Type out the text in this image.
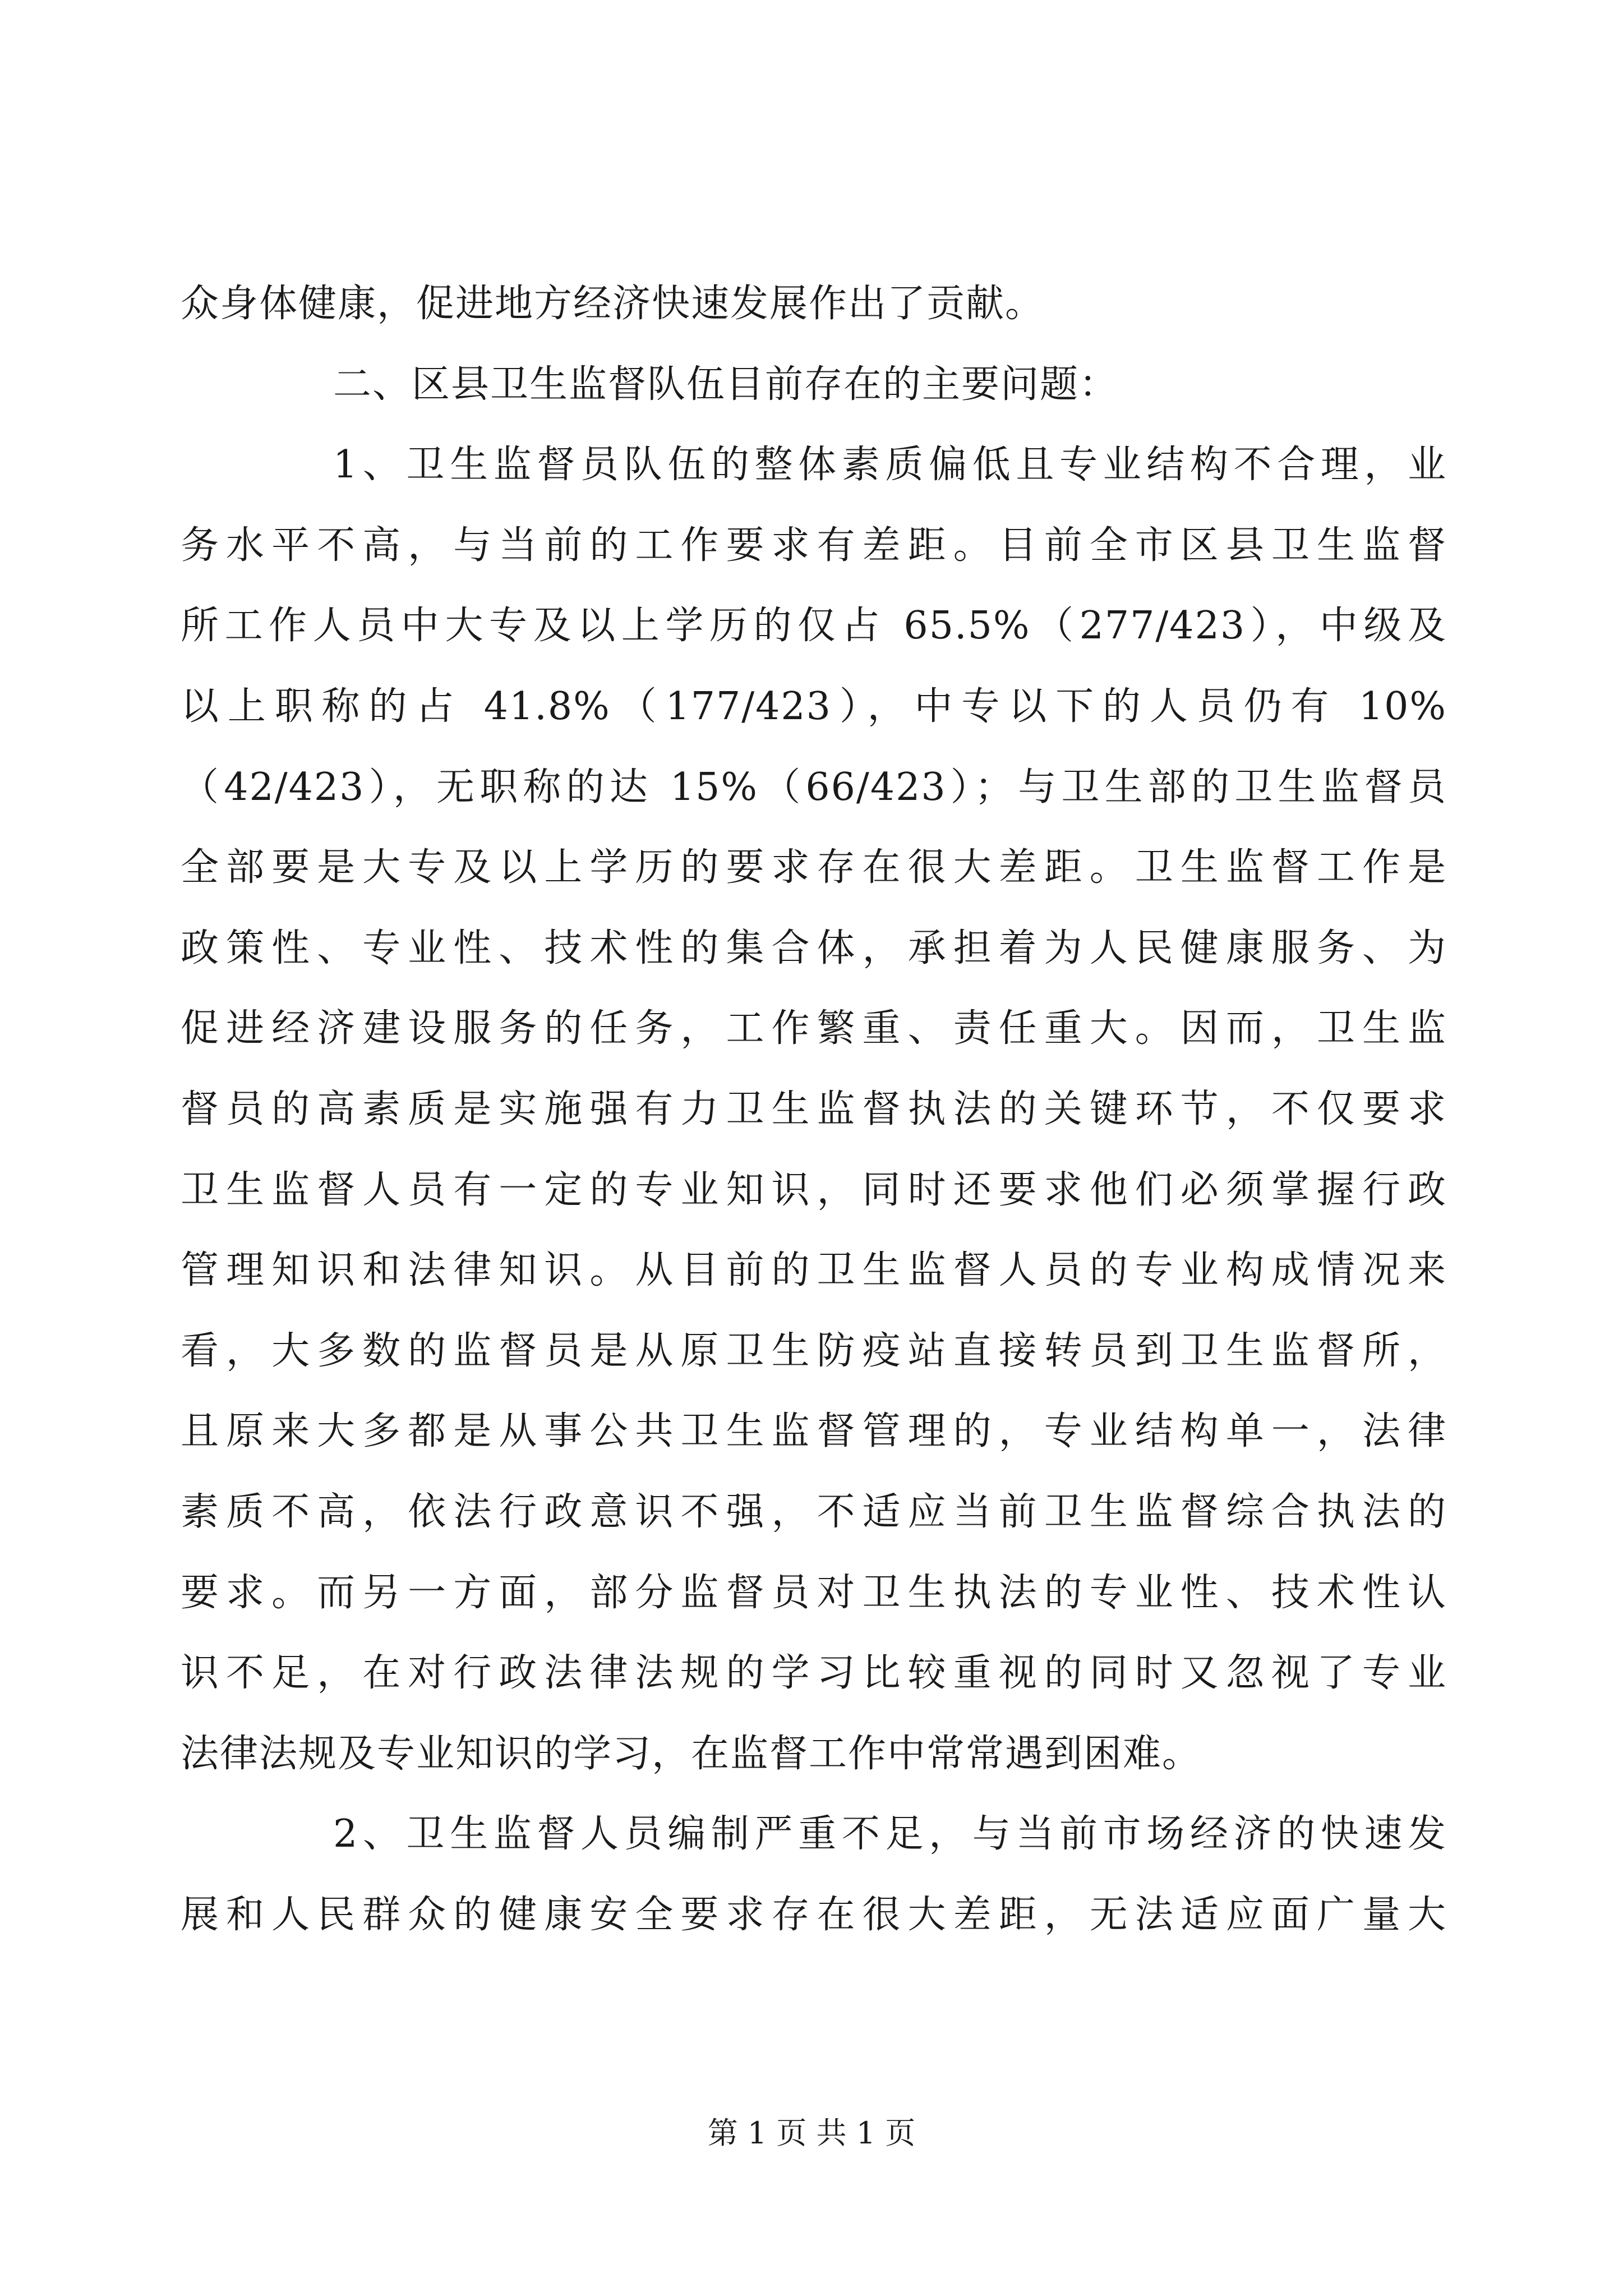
众身体健康，促进地方经济快速发展作出了贡献。
二、区县卫生监督队伍目前存在的主要问题：
1、卫生监督员队伍的整体素质偏低且专业结构不合理，业
务水平不高，与当前的工作要求有差距。目前全市区县卫生监督
所工作人员中大专及以上学历的仅占 65.5%（277/423），中级及
以上职称的占 41.8%（177/423），中专以下的人员仍有 10%
（42/423），无职称的达 15%（66/423）；与卫生部的卫生监督员
全部要是大专及以上学历的要求存在很大差距。卫生监督工作是
政策性、专业性、技术性的集合体，承担着为人民健康服务、为
促进经济建设服务的任务，工作繁重、责任重大。因而，卫生监
督员的高素质是实施强有力卫生监督执法的关键环节，不仅要求
卫生监督人员有一定的专业知识，同时还要求他们必须掌握行政
管理知识和法律知识。从目前的卫生监督人员的专业构成情况来
看，大多数的监督员是从原卫生防疫站直接转员到卫生监督所，
且原来大多都是从事公共卫生监督管理的，专业结构单一，法律
素质不高，依法行政意识不强，不适应当前卫生监督综合执法的
要求。而另一方面，部分监督员对卫生执法的专业性、技术性认
识不足，在对行政法律法规的学习比较重视的同时又忽视了专业
法律法规及专业知识的学习，在监督工作中常常遇到困难。
2、卫生监督人员编制严重不足，与当前市场经济的快速发
展和人民群众的健康安全要求存在很大差距，无法适应面广量大
第 1 页 共 1 页
